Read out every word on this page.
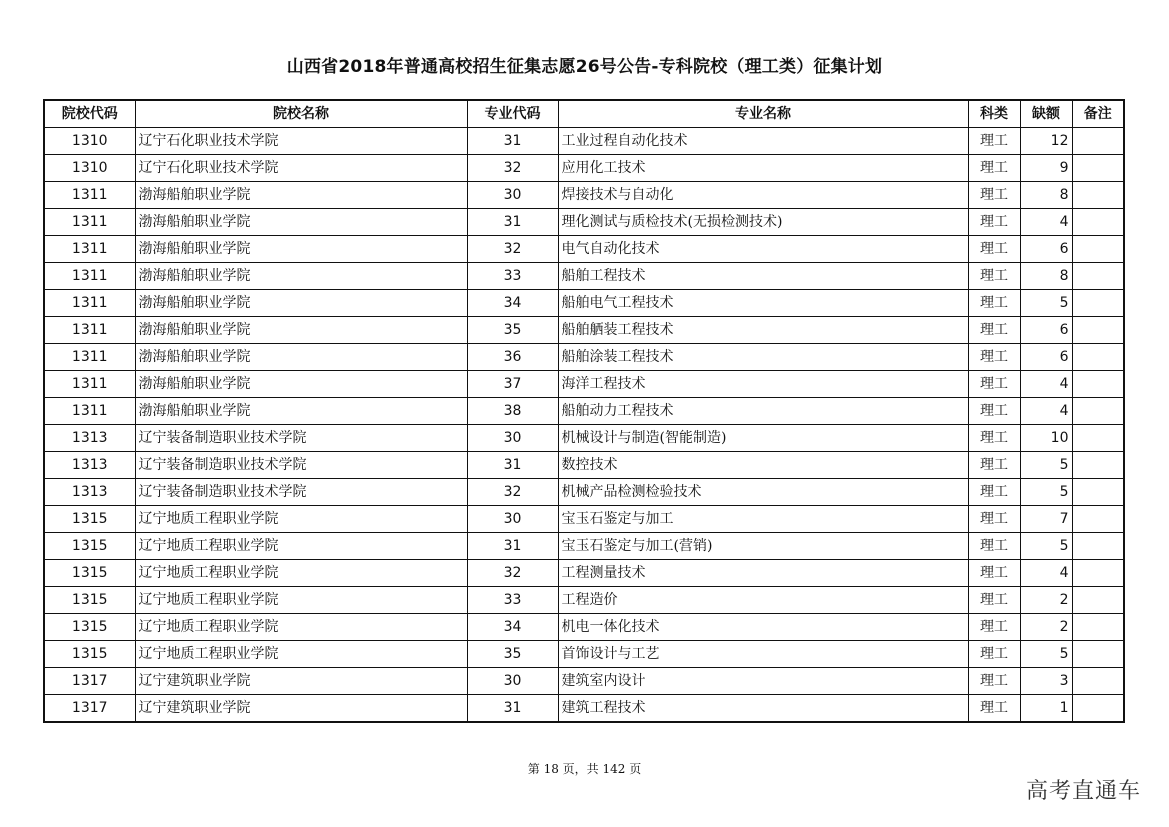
山西省2018年普通高校招生征集志愿26号公告-专科院校（理工类）征集计划
院校代码	院校名称	专业代码	专业名称	科类	缺额	备注
1310	辽宁石化职业技术学院	31	工业过程自动化技术	理工	12	
1310	辽宁石化职业技术学院	32	应用化工技术	理工	9	
1311	渤海船舶职业学院	30	焊接技术与自动化	理工	8	
1311	渤海船舶职业学院	31	理化测试与质检技术(无损检测技术)	理工	4	
1311	渤海船舶职业学院	32	电气自动化技术	理工	6	
1311	渤海船舶职业学院	33	船舶工程技术	理工	8	
1311	渤海船舶职业学院	34	船舶电气工程技术	理工	5	
1311	渤海船舶职业学院	35	船舶舾装工程技术	理工	6	
1311	渤海船舶职业学院	36	船舶涂装工程技术	理工	6	
1311	渤海船舶职业学院	37	海洋工程技术	理工	4	
1311	渤海船舶职业学院	38	船舶动力工程技术	理工	4	
1313	辽宁装备制造职业技术学院	30	机械设计与制造(智能制造)	理工	10	
1313	辽宁装备制造职业技术学院	31	数控技术	理工	5	
1313	辽宁装备制造职业技术学院	32	机械产品检测检验技术	理工	5	
1315	辽宁地质工程职业学院	30	宝玉石鉴定与加工	理工	7	
1315	辽宁地质工程职业学院	31	宝玉石鉴定与加工(营销)	理工	5	
1315	辽宁地质工程职业学院	32	工程测量技术	理工	4	
1315	辽宁地质工程职业学院	33	工程造价	理工	2	
1315	辽宁地质工程职业学院	34	机电一体化技术	理工	2	
1315	辽宁地质工程职业学院	35	首饰设计与工艺	理工	5	
1317	辽宁建筑职业学院	30	建筑室内设计	理工	3	
1317	辽宁建筑职业学院	31	建筑工程技术	理工	1	
第 18 页，共 142 页
高考直通车
